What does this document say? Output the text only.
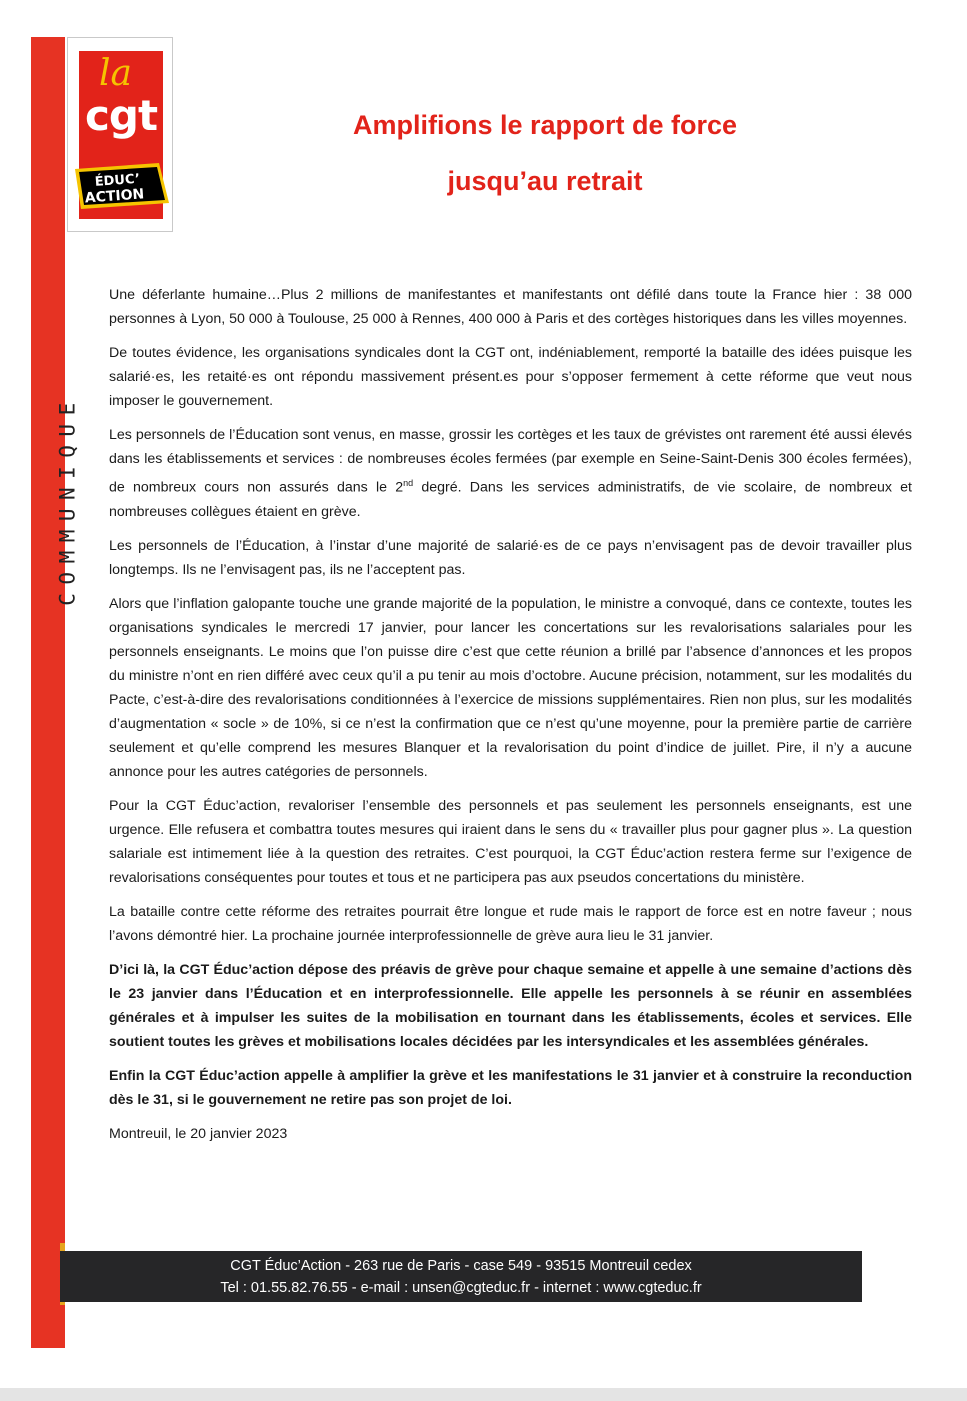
COMMUNIQUE
la
cgt
ÉDUC’
ACTION
Amplifions le rapport de force
jusqu’au retrait

Une déferlante humaine…Plus 2 millions de manifestantes et manifestants ont défilé dans toute la France hier : 38 000 personnes à Lyon, 50 000 à Toulouse, 25 000 à Rennes, 400 000 à Paris et des cortèges historiques dans les villes moyennes.

De toutes évidence, les organisations syndicales dont la CGT ont, indéniablement, remporté la bataille des idées puisque les salarié·es, les retaité·es ont répondu massivement présent.es pour s’opposer fermement à cette réforme que veut nous imposer le gouvernement.

Les personnels de l’Éducation sont venus, en masse, grossir les cortèges et les taux de grévistes ont rarement été aussi élevés dans les établissements et services : de nombreuses écoles fermées (par exemple en Seine-Saint-Denis 300 écoles fermées), de nombreux cours non assurés dans le 2nd degré. Dans les services administratifs, de vie scolaire, de nombreux et nombreuses collègues étaient en grève.

Les personnels de l’Éducation, à l’instar d’une majorité de salarié·es de ce pays n’envisagent pas de devoir travailler plus longtemps. Ils ne l’envisagent pas, ils ne l’acceptent pas.

Alors que l’inflation galopante touche une grande majorité de la population, le ministre a convoqué, dans ce contexte, toutes les organisations syndicales le mercredi 17 janvier, pour lancer les concertations sur les revalorisations salariales pour les personnels enseignants. Le moins que l’on puisse dire c’est que cette réunion a brillé par l’absence d’annonces et les propos du ministre n’ont en rien différé avec ceux qu’il a pu tenir au mois d’octobre. Aucune précision, notamment, sur les modalités du Pacte, c’est-à-dire des revalorisations conditionnées à l’exercice de missions supplémentaires. Rien non plus, sur les modalités d’augmentation « socle » de 10%, si ce n’est la confirmation que ce n’est qu’une moyenne, pour la première partie de carrière seulement et qu’elle comprend les mesures Blanquer et la revalorisation du point d’indice de juillet. Pire, il n’y a aucune annonce pour les autres catégories de personnels.

Pour la CGT Éduc’action, revaloriser l’ensemble des personnels et pas seulement les personnels enseignants, est une urgence. Elle refusera et combattra toutes mesures qui iraient dans le sens du « travailler plus pour gagner plus ». La question salariale est intimement liée à la question des retraites. C’est pourquoi, la CGT Éduc’action restera ferme sur l’exigence de revalorisations conséquentes pour toutes et tous et ne participera pas aux pseudos concertations du ministère.

La bataille contre cette réforme des retraites pourrait être longue et rude mais le rapport de force est en notre faveur ; nous l’avons démontré hier. La prochaine journée interprofessionnelle de grève aura lieu le 31 janvier.

D’ici là, la CGT Éduc’action dépose des préavis de grève pour chaque semaine et appelle à une semaine d’actions dès le 23 janvier dans l’Éducation et en interprofessionnelle. Elle appelle les personnels à se réunir en assemblées générales et à impulser les suites de la mobilisation en tournant dans les établissements, écoles et services. Elle soutient toutes les grèves et mobilisations locales décidées par les intersyndicales et les assemblées générales.

Enfin la CGT Éduc’action appelle à amplifier la grève et les manifestations le 31 janvier et à construire la reconduction dès le 31, si le gouvernement ne retire pas son projet de loi.

Montreuil, le 20 janvier 2023

CGT Éduc’Action - 263 rue de Paris - case 549 - 93515 Montreuil cedex
Tel : 01.55.82.76.55 - e-mail : unsen@cgteduc.fr - internet : www.cgteduc.fr
